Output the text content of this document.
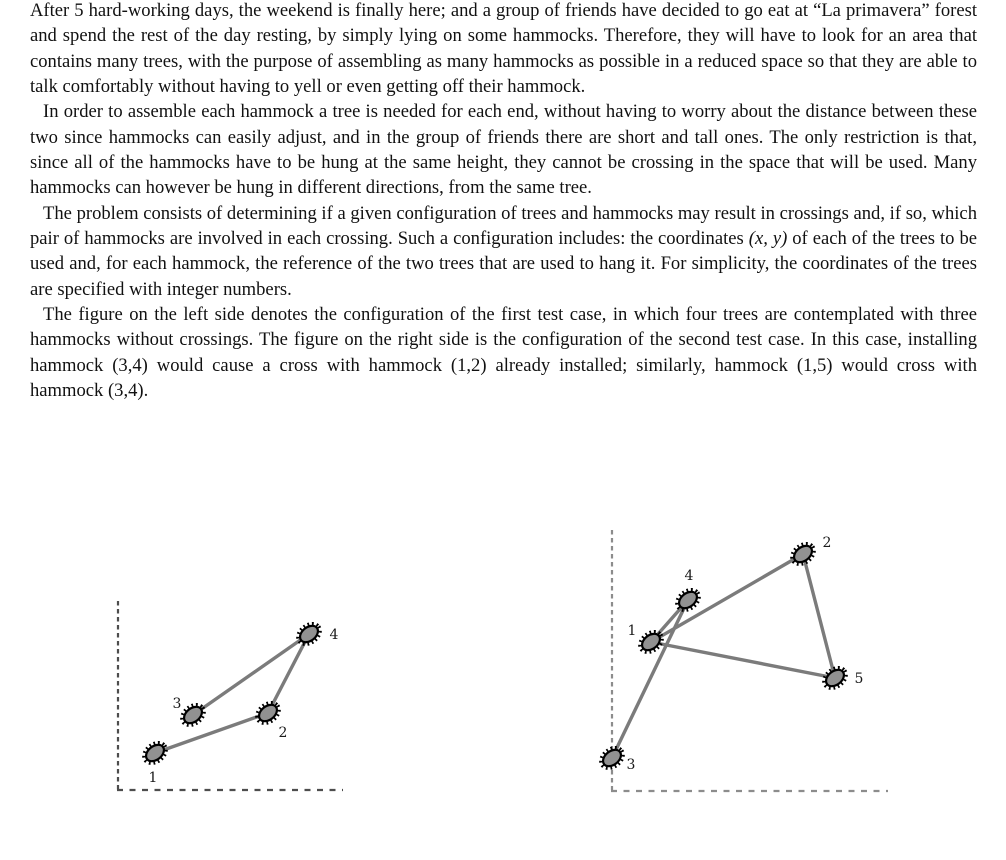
After 5 hard-working days, the weekend is finally here; and a group of friends have decided to go eat at “La primavera” forest and spend the rest of the day resting, by simply lying on some hammocks. Therefore, they will have to look for an area that contains many trees, with the purpose of assembling as many hammocks as possible in a reduced space so that they are able to talk comfortably without having to yell or even getting off their hammock.

In order to assemble each hammock a tree is needed for each end, without having to worry about the distance between these two since hammocks can easily adjust, and in the group of friends there are short and tall ones. The only restriction is that, since all of the hammocks have to be hung at the same height, they cannot be crossing in the space that will be used. Many hammocks can however be hung in different directions, from the same tree.

The problem consists of determining if a given configuration of trees and hammocks may result in crossings and, if so, which pair of hammocks are involved in each crossing. Such a configuration includes: the coordinates (x, y) of each of the trees to be used and, for each hammock, the reference of the two trees that are used to hang it. For simplicity, the coordinates of the trees are specified with integer numbers.

The figure on the left side denotes the configuration of the first test case, in which four trees are contemplated with three hammocks without crossings. The figure on the right side is the configuration of the second test case. In this case, installing hammock (3,4) would cause a cross with hammock (1,2) already installed; similarly, hammock (1,5) would cross with hammock (3,4).

1
2
3
4	1
2
3
4
5
